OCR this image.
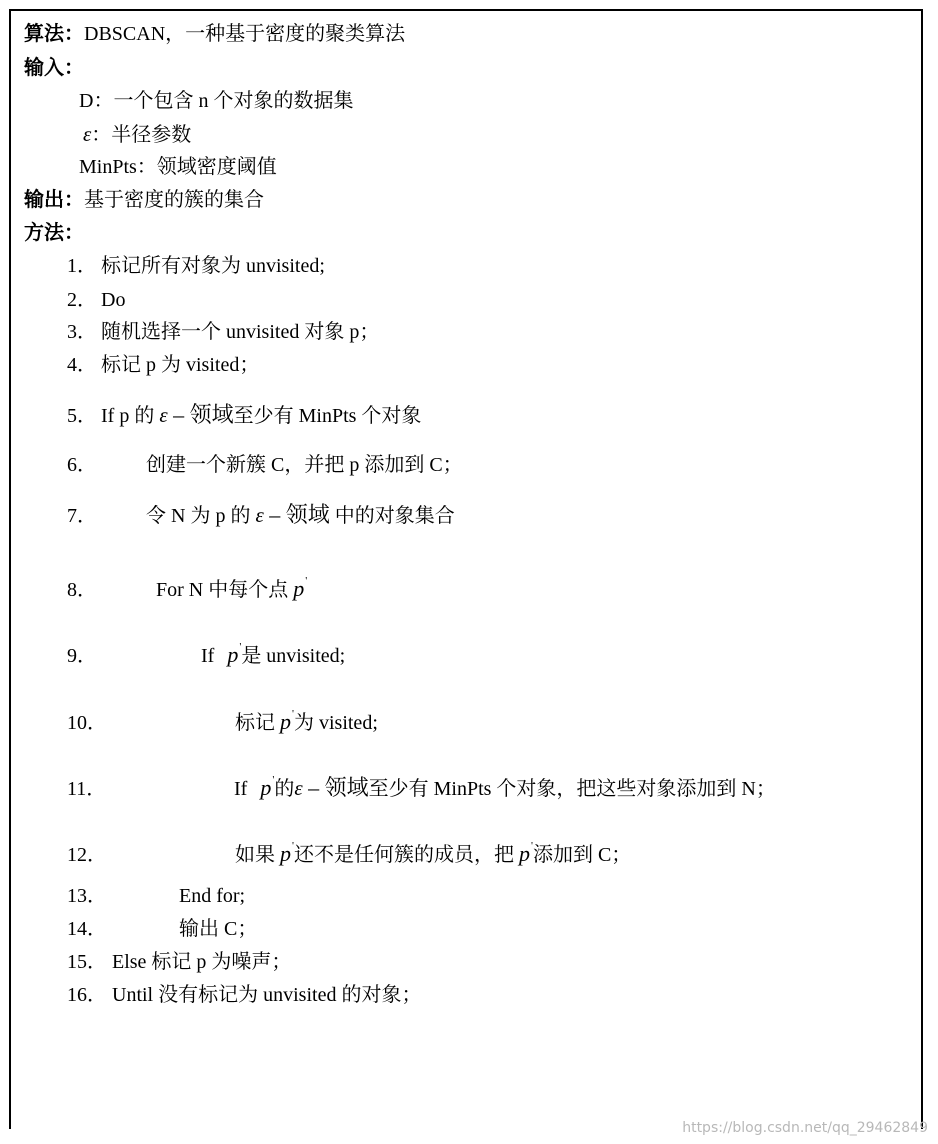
算法：DBSCAN，一种基于密度的聚类算法
输入：
D：一个包含 n 个对象的数据集
ε：半径参数
MinPts：领域密度阈值
输出：基于密度的簇的集合
方法：
1． 标记所有对象为 unvisited;
2． Do
3． 随机选择一个 unvisited 对象 p；
4． 标记 p 为 visited；
5． If p 的 ε – 领域至少有 MinPts 个对象
6． 创建一个新簇 C，并把 p 添加到 C；
7． 令 N 为 p 的 ε – 领域 中的对象集合
8．	For N 中每个点 p'
9．	If p'是 unvisited;
10．	标记 p'为 visited;
11．	If p'的ε – 领域至少有 MinPts 个对象，把这些对象添加到 N；
12．	如果 p'还不是任何簇的成员，把 p'添加到 C；
13．	End for;
14．	输出 C；
15． Else 标记 p 为噪声；
16． Until 没有标记为 unvisited 的对象；
https://blog.csdn.net/qq_29462849
